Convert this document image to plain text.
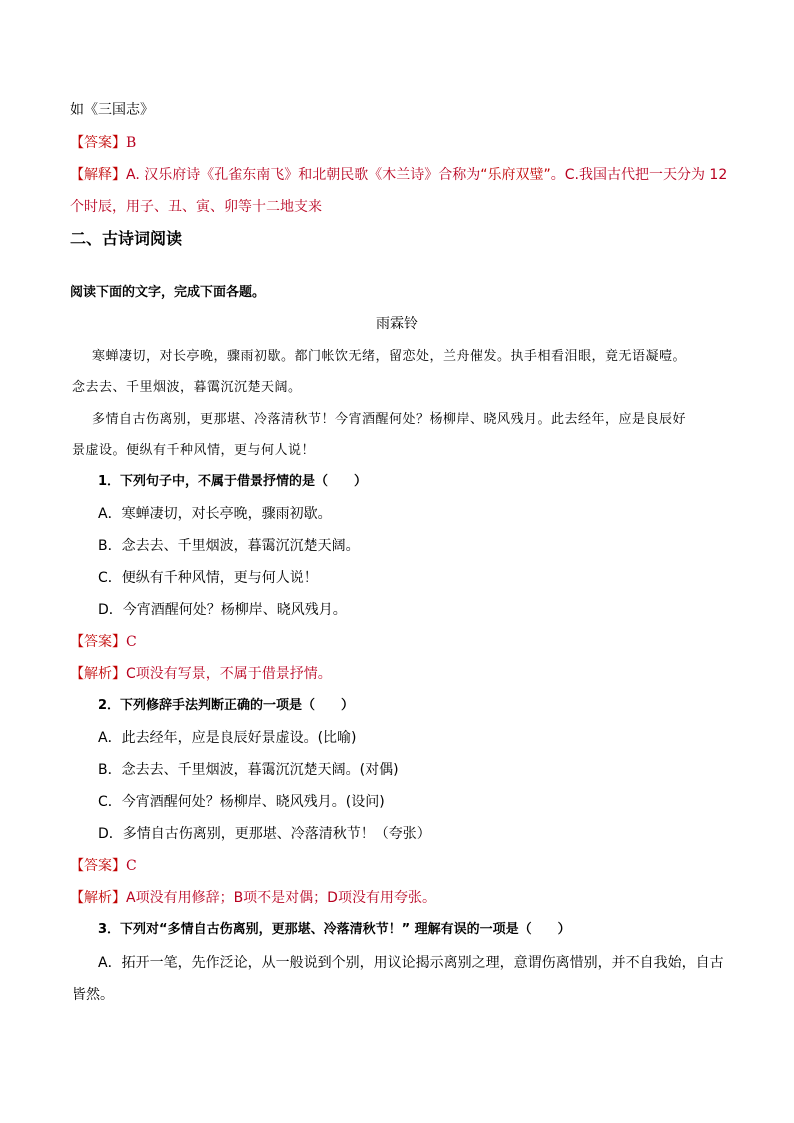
如《三国志》
【答案】B
【解释】A. 汉乐府诗《孔雀东南飞》和北朝民歌《木兰诗》合称为“乐府双璧”。C.我国古代把一天分为 12
个时辰，用子、丑、寅、卯等十二地支来
二、古诗词阅读
阅读下面的文字，完成下面各题。
雨霖铃
寒蝉凄切，对长亭晚，骤雨初歇。都门帐饮无绪，留恋处，兰舟催发。执手相看泪眼，竟无语凝噎。
念去去、千里烟波，暮霭沉沉楚天阔。
多情自古伤离别，更那堪、冷落清秋节！今宵酒醒何处？杨柳岸、晓风残月。此去经年，应是良辰好
景虚设。便纵有千种风情，更与何人说！
1．下列句子中，不属于借景抒情的是（　　）
A．寒蝉凄切，对长亭晚，骤雨初歇。
B．念去去、千里烟波，暮霭沉沉楚天阔。
C．便纵有千种风情，更与何人说！
D．今宵酒醒何处？杨柳岸、晓风残月。
【答案】C
【解析】C项没有写景，不属于借景抒情。
2．下列修辞手法判断正确的一项是（　　）
A．此去经年，应是良辰好景虚设。(比喻)
B．念去去、千里烟波，暮霭沉沉楚天阔。(对偶)
C．今宵酒醒何处？杨柳岸、晓风残月。(设问)
D．多情自古伤离别，更那堪、冷落清秋节！（夸张）
【答案】C
【解析】A项没有用修辞；B项不是对偶；D项没有用夸张。
3．下列对“多情自古伤离别，更那堪、冷落清秋节！” 理解有误的一项是（　　）
A．拓开一笔，先作泛论，从一般说到个别，用议论揭示离别之理，意谓伤离惜别，并不自我始，自古
皆然。
